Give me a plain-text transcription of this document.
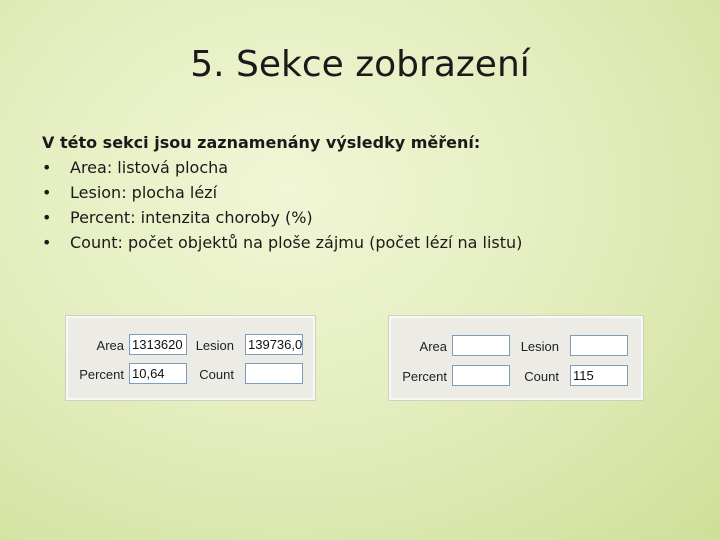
5. Sekce zobrazení
V této sekci jsou zaznamenány výsledky měření:
• Area: listová plocha
• Lesion: plocha lézí
• Percent: intenzita choroby (%)
• Count: počet objektů na ploše zájmu (počet lézí na listu)
Area 1313620	Lesion 139736,0
Percent 10,64	Count
Area	Lesion
Percent	Count 115
